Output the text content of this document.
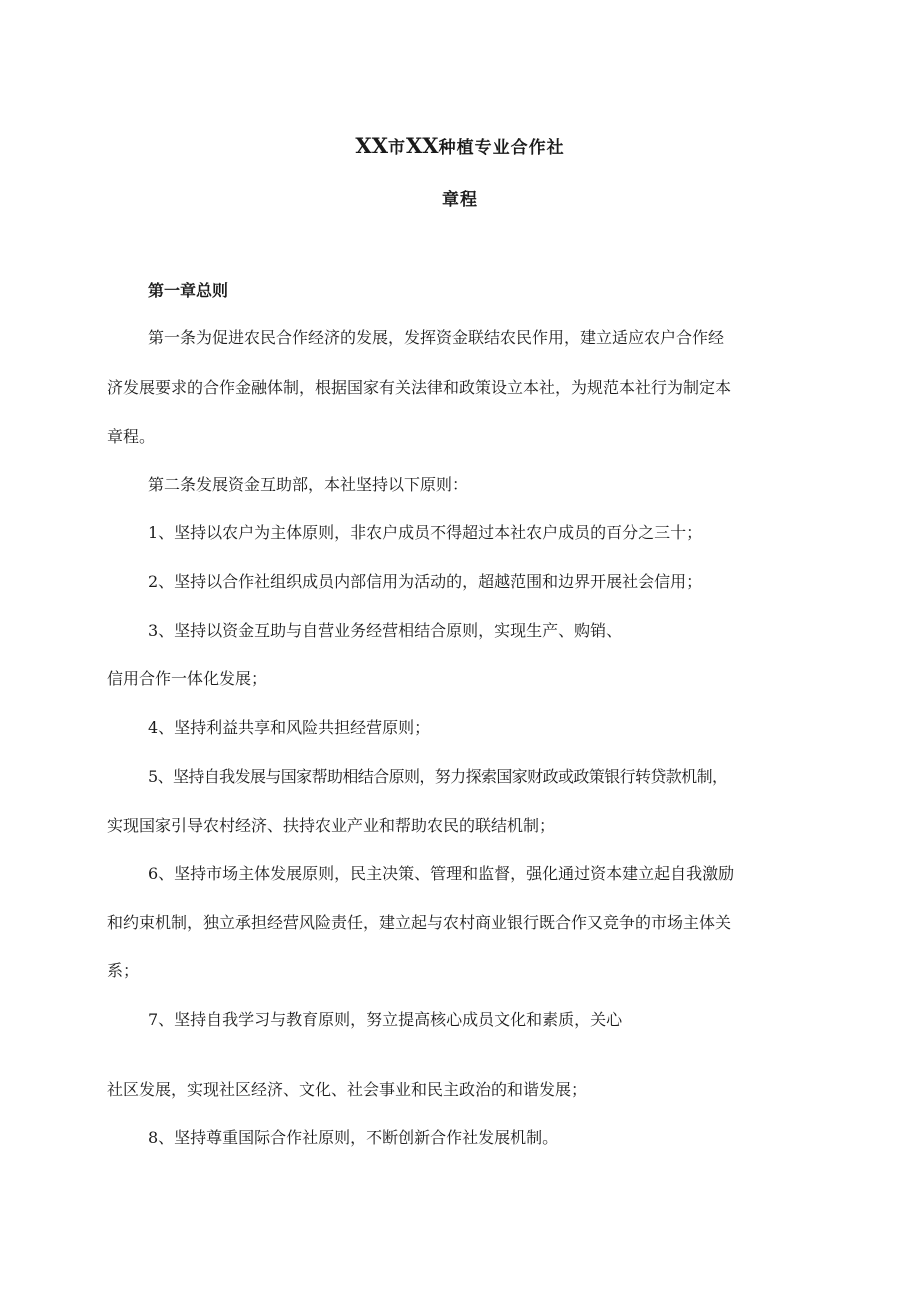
XX市XX种植专业合作社
章程
第一章总则
第一条为促进农民合作经济的发展，发挥资金联结农民作用，建立适应农户合作经
济发展要求的合作金融体制，根据国家有关法律和政策设立本社，为规范本社行为制定本
章程。
第二条发展资金互助部，本社坚持以下原则：
1、坚持以农户为主体原则，非农户成员不得超过本社农户成员的百分之三十；
2、坚持以合作社组织成员内部信用为活动的，超越范围和边界开展社会信用；
3、坚持以资金互助与自营业务经营相结合原则，实现生产、购销、
信用合作一体化发展；
4、坚持利益共享和风险共担经营原则；
5、坚持自我发展与国家帮助相结合原则，努力探索国家财政或政策银行转贷款机制，
实现国家引导农村经济、扶持农业产业和帮助农民的联结机制；
6、坚持市场主体发展原则，民主决策、管理和监督，强化通过资本建立起自我激励
和约束机制，独立承担经营风险责任，建立起与农村商业银行既合作又竞争的市场主体关
系；
7、坚持自我学习与教育原则，努立提高核心成员文化和素质，关心
社区发展，实现社区经济、文化、社会事业和民主政治的和谐发展；
8、坚持尊重国际合作社原则，不断创新合作社发展机制。
